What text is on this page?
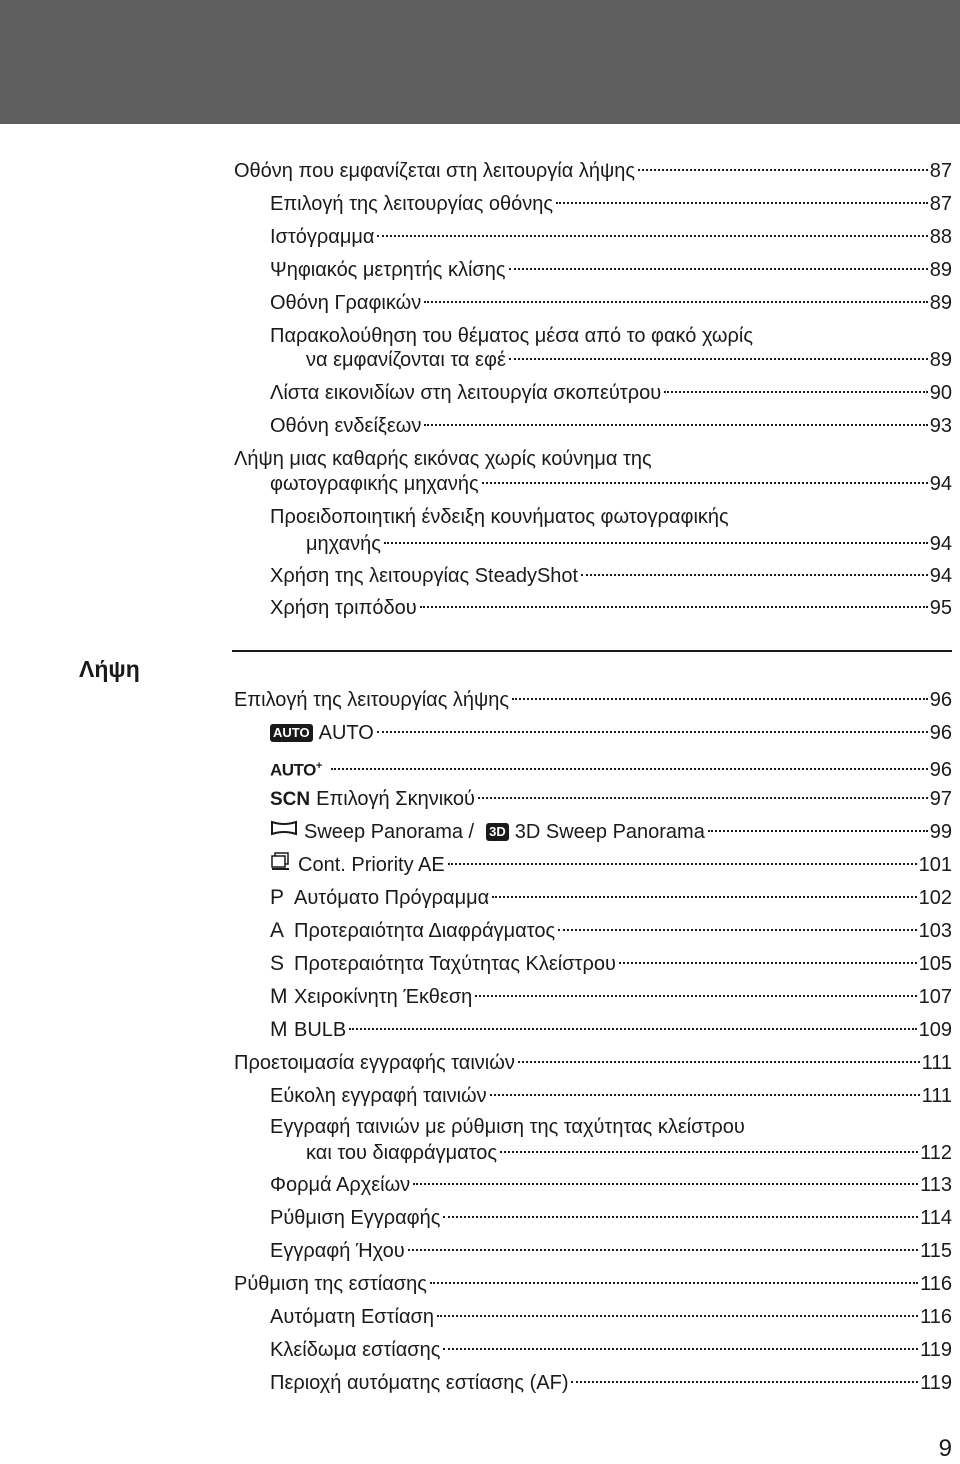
Οθόνη που εμφανίζεται στη λειτουργία λήψης	87
Επιλογή της λειτουργίας οθόνης	87
Ιστόγραμμα	88
Ψηφιακός μετρητής κλίσης	89
Οθόνη Γραφικών	89
Παρακολούθηση του θέματος μέσα από το φακό χωρίς
να εμφανίζονται τα εφέ	89
Λίστα εικονιδίων στη λειτουργία σκοπεύτρου	90
Οθόνη ενδείξεων	93
Λήψη μιας καθαρής εικόνας χωρίς κούνημα της
φωτογραφικής μηχανής	94
Προειδοποιητική ένδειξη κουνήματος φωτογραφικής
μηχανής	94
Χρήση της λειτουργίας SteadyShot	94
Χρήση τριπόδου	95
Λήψη
Επιλογή της λειτουργίας λήψης	96
AUTO AUTO	96
AUTO+	96
SCN Επιλογή Σκηνικού	97
Sweep Panorama / 3D 3D Sweep Panorama	99
Cont. Priority AE	101
P Αυτόματο Πρόγραμμα	102
A Προτεραιότητα Διαφράγματος	103
S Προτεραιότητα Ταχύτητας Κλείστρου	105
M Χειροκίνητη Έκθεση	107
M BULB	109
Προετοιμασία εγγραφής ταινιών	111
Εύκολη εγγραφή ταινιών	111
Εγγραφή ταινιών με ρύθμιση της ταχύτητας κλείστρου
και του διαφράγματος	112
Φορμά Αρχείων	113
Ρύθμιση Εγγραφής	114
Εγγραφή Ήχου	115
Ρύθμιση της εστίασης	116
Αυτόματη Εστίαση	116
Κλείδωμα εστίασης	119
Περιοχή αυτόματης εστίασης (AF)	119
9
